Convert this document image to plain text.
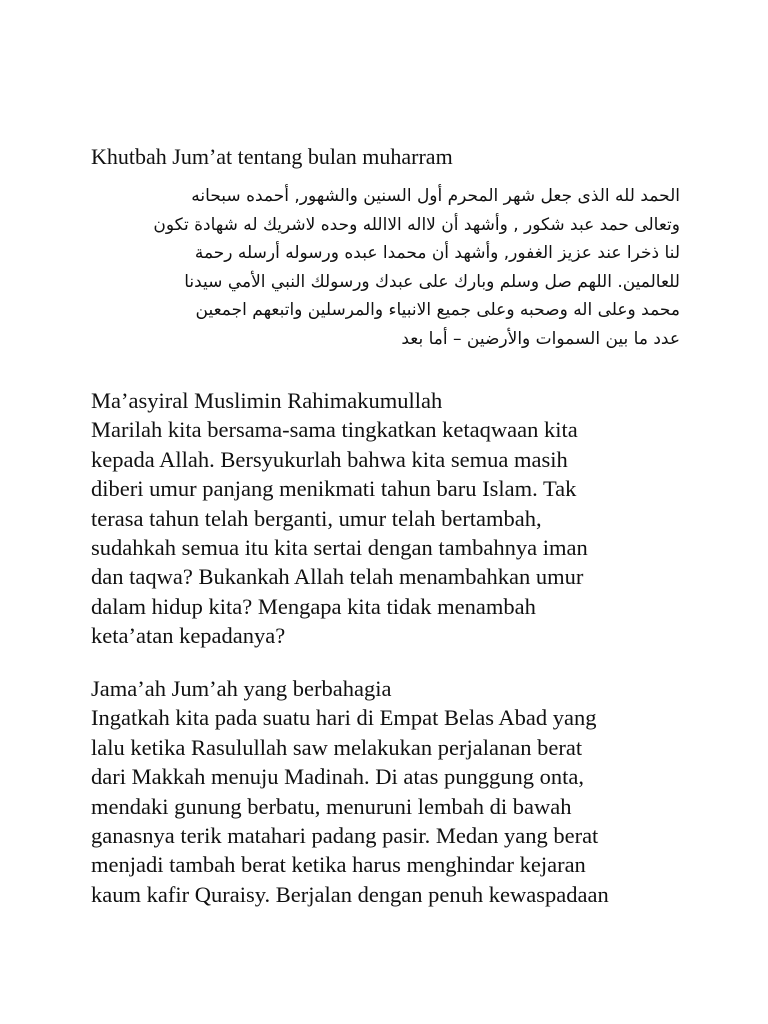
Khutbah Jum’at tentang bulan muharram
الحمد لله الذى جعل شهر المحرم أول السنين والشهور, أحمده سبحانه
وتعالى حمد عبد شكور , وأشهد أن لااله الاالله وحده لاشريك له شهادة تكون
لنا ذخرا عند عزيز الغفور, وأشهد أن محمدا عبده ورسوله أرسله رحمة
للعالمين. اللهم صل وسلم وبارك على عبدك ورسولك النبي الأمي سيدنا
محمد وعلى اله وصحبه وعلى جميع الانبياء والمرسلين واتبعهم اجمعين
عدد ما بين السموات والأرضين – أما بعد
Ma’asyiral Muslimin Rahimakumullah
Marilah kita bersama-sama tingkatkan ketaqwaan kita
kepada Allah. Bersyukurlah bahwa kita semua masih
diberi umur panjang menikmati tahun baru Islam. Tak
terasa tahun telah berganti, umur telah bertambah,
sudahkah semua itu kita sertai dengan tambahnya iman
dan taqwa? Bukankah Allah telah menambahkan umur
dalam hidup kita? Mengapa kita tidak menambah
keta’atan kepadanya?
Jama’ah Jum’ah yang berbahagia
Ingatkah kita pada suatu hari di Empat Belas Abad yang
lalu ketika Rasulullah saw melakukan perjalanan berat
dari Makkah menuju Madinah. Di atas punggung onta,
mendaki gunung berbatu, menuruni lembah di bawah
ganasnya terik matahari padang pasir. Medan yang berat
menjadi tambah berat ketika harus menghindar kejaran
kaum kafir Quraisy. Berjalan dengan penuh kewaspadaan
